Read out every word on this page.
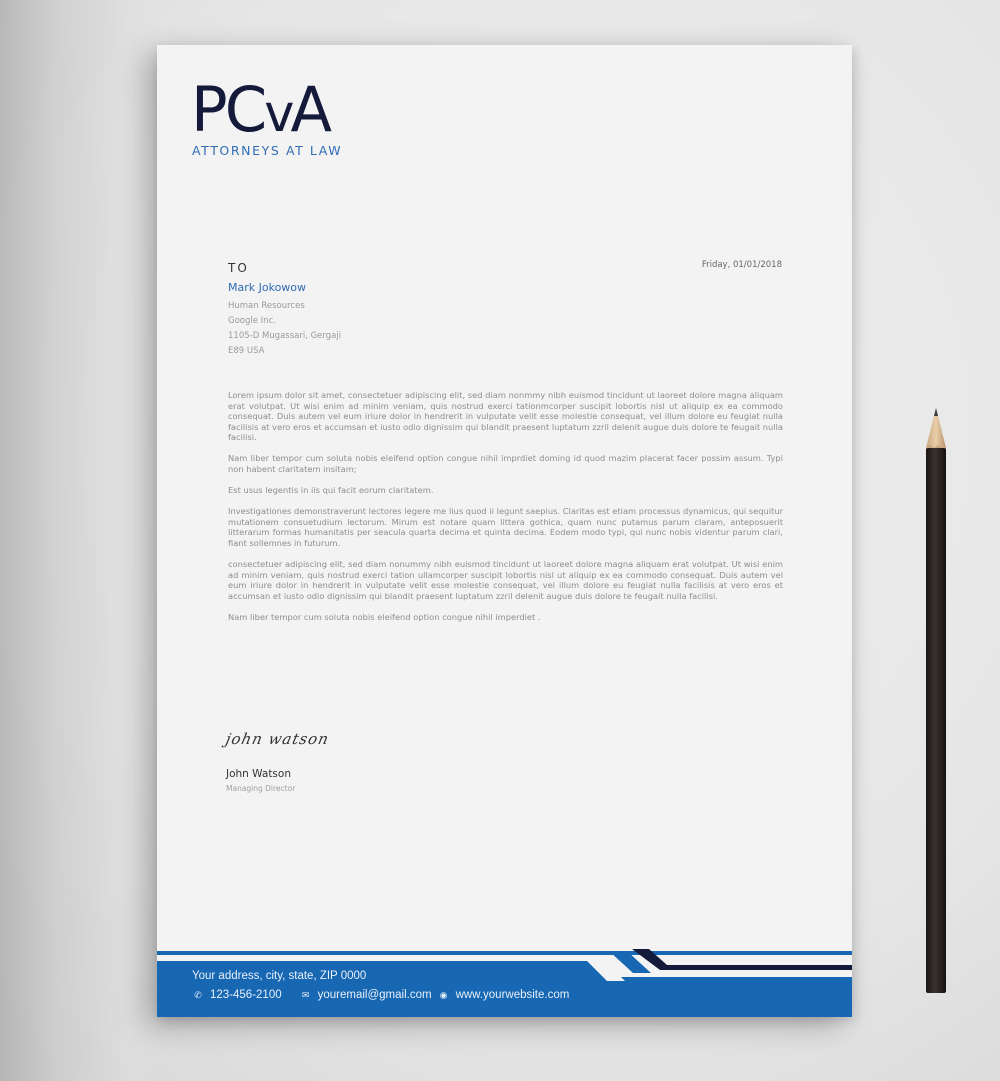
PCvA
ATTORNEYS AT LAW
TO
Mark Jokowow
Human Resources
Google Inc.
1105-D Mugassari, Gergaji
E89 USA
Friday, 01/01/2018

Lorem ipsum dolor sit amet, consectetuer adipiscing elit, sed diam nonmmy nibh euismod tincidunt ut laoreet dolore magna aliquam erat volutpat. Ut wisi enim ad minim veniam, quis nostrud exerci tationmcorper suscipit lobortis nisl ut aliquip ex ea commodo consequat. Duis autem vel eum iriure dolor in hendrerit in vulputate velit esse molestie consequat, vel illum dolore eu feugiat nulla facilisis at vero eros et accumsan et iusto odio dignissim qui blandit praesent luptatum zzril delenit augue duis dolore te feugait nulla facilisi.

Nam liber tempor cum soluta nobis eleifend option congue nihil imprdiet doming id quod mazim placerat facer possim assum. Typi non habent claritatem insitam;

Est usus legentis in iis qui facit eorum claritatem.

Investigationes demonstraverunt lectores legere me lius quod ii legunt saepius. Claritas est etiam processus dynamicus, qui sequitur mutationem consuetudium lectorum. Mirum est notare quam littera gothica, quam nunc putamus parum claram, anteposuerit litterarum formas humanitatis per seacula quarta decima et quinta decima. Eodem modo typi, qui nunc nobis videntur parum clari, fiant sollemnes in futurum.

consectetuer adipiscing elit, sed diam nonummy nibh euismod tincidunt ut laoreet dolore magna aliquam erat volutpat. Ut wisi enim ad minim veniam, quis nostrud exerci tation ullamcorper suscipit lobortis nisl ut aliquip ex ea commodo consequat. Duis autem vel eum iriure dolor in hendrerit in vulputate velit esse molestie consequat, vel illum dolore eu feugiat nulla facilisis at vero eros et accumsan et iusto odio dignissim qui blandit praesent luptatum zzril delenit augue duis dolore te feugait nulla facilisi.

Nam liber tempor cum soluta nobis eleifend option congue nihil imperdiet .

john watson
John Watson
Managing Director
Your address, city, state, ZIP 0000
✆ 123-456-2100 ✉ youremail@gmail.com ◉ www.yourwebsite.com
